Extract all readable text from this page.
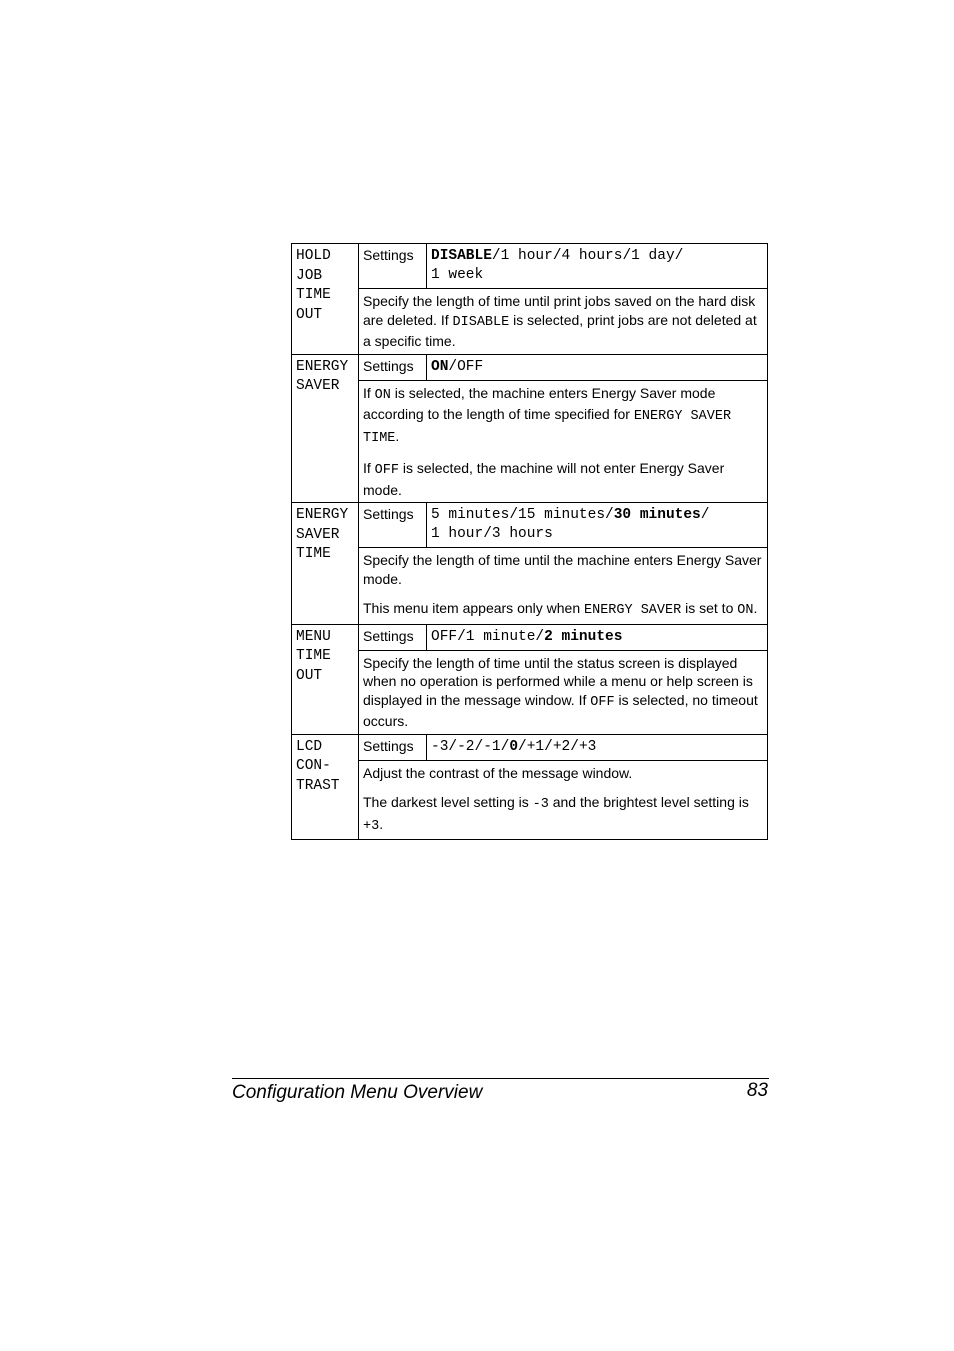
HOLD
JOB
TIME
OUT	Settings	DISABLE/1 hour/4 hours/1 day/
1 week

	Specify the length of time until print jobs saved on the hard disk are deleted. If DISABLE is selected, print jobs are not deleted at a specific time.	

ENERGY
SAVER	Settings	ON/OFF

	If ON is selected, the machine enters Energy Saver mode according to the length of time specified for ENERGY SAVER TIME.

If OFF is selected, the machine will not enter Energy Saver mode.	

ENERGY
SAVER
TIME	Settings	5 minutes/15 minutes/30 minutes/
1 hour/3 hours

	Specify the length of time until the machine enters Energy Saver mode.

This menu item appears only when ENERGY SAVER is set to ON.	

MENU
TIME
OUT	Settings	OFF/1 minute/2 minutes

	Specify the length of time until the status screen is displayed when no operation is performed while a menu or help screen is displayed in the message window. If OFF is selected, no timeout occurs.	

LCD
CON-
TRAST	Settings	-3/-2/-1/0/+1/+2/+3

	Adjust the contrast of the message window.

The darkest level setting is -3 and the brightest level setting is +3.	

Configuration Menu Overview	83
